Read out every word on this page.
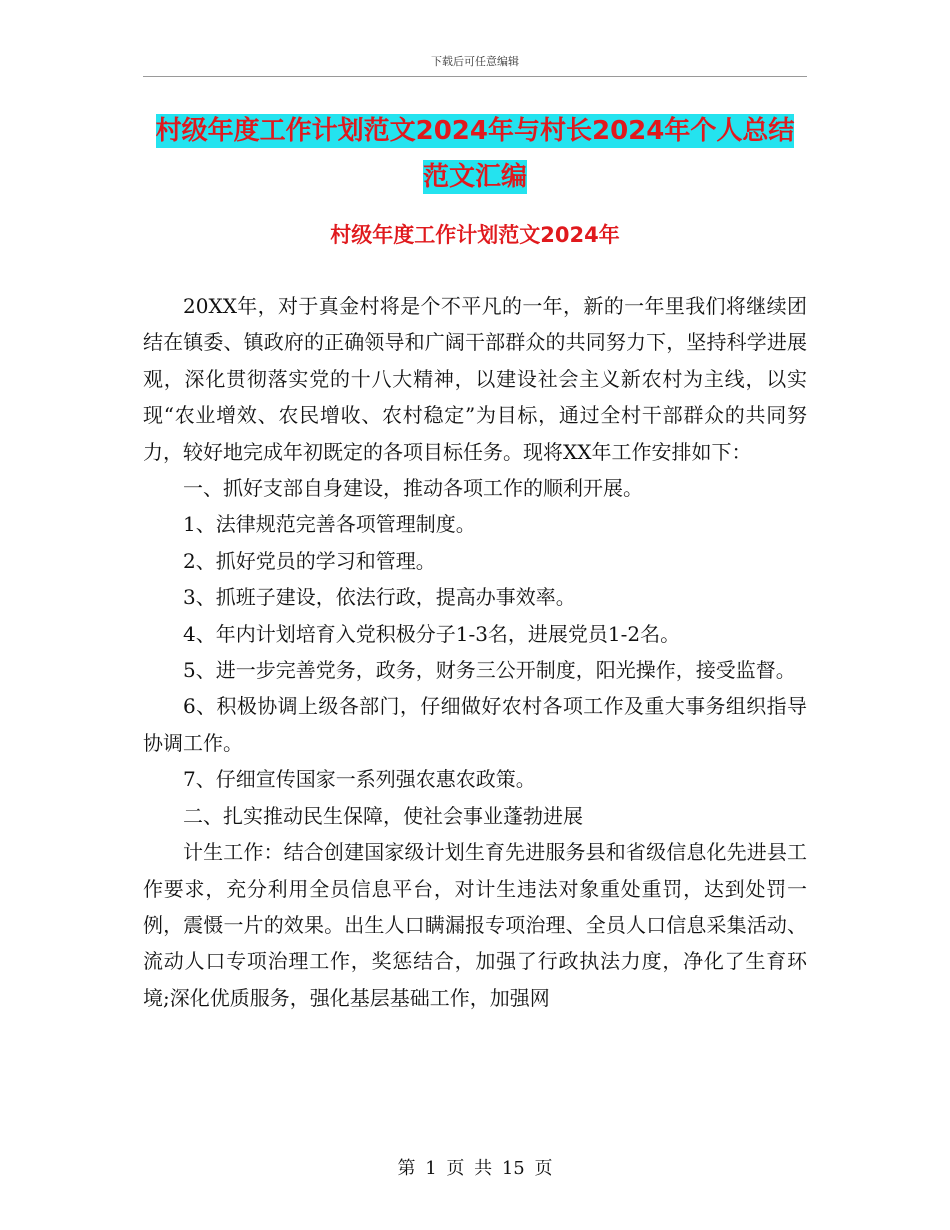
下载后可任意编辑
村级年度工作计划范文2024年与村长2024年个人总结范文汇编
村级年度工作计划范文2024年

20XX年，对于真金村将是个不平凡的一年，新的一年里我们将继续团结在镇委、镇政府的正确领导和广阔干部群众的共同努力下，坚持科学进展观，深化贯彻落实党的十八大精神，以建设社会主义新农村为主线，以实现“农业增效、农民增收、农村稳定”为目标，通过全村干部群众的共同努力，较好地完成年初既定的各项目标任务。现将XX年工作安排如下：

一、抓好支部自身建设，推动各项工作的顺利开展。

1、法律规范完善各项管理制度。

2、抓好党员的学习和管理。

3、抓班子建设，依法行政，提高办事效率。

4、年内计划培育入党积极分子1-3名，进展党员1-2名。

5、进一步完善党务，政务，财务三公开制度，阳光操作，接受监督。

6、积极协调上级各部门，仔细做好农村各项工作及重大事务组织指导协调工作。

7、仔细宣传国家一系列强农惠农政策。

二、扎实推动民生保障，使社会事业蓬勃进展

计生工作：结合创建国家级计划生育先进服务县和省级信息化先进县工作要求，充分利用全员信息平台，对计生违法对象重处重罚，达到处罚一例，震慑一片的效果。出生人口瞒漏报专项治理、全员人口信息采集活动、流动人口专项治理工作，奖惩结合，加强了行政执法力度，净化了生育环境;深化优质服务，强化基层基础工作，加强网

第 1 页 共 15 页
